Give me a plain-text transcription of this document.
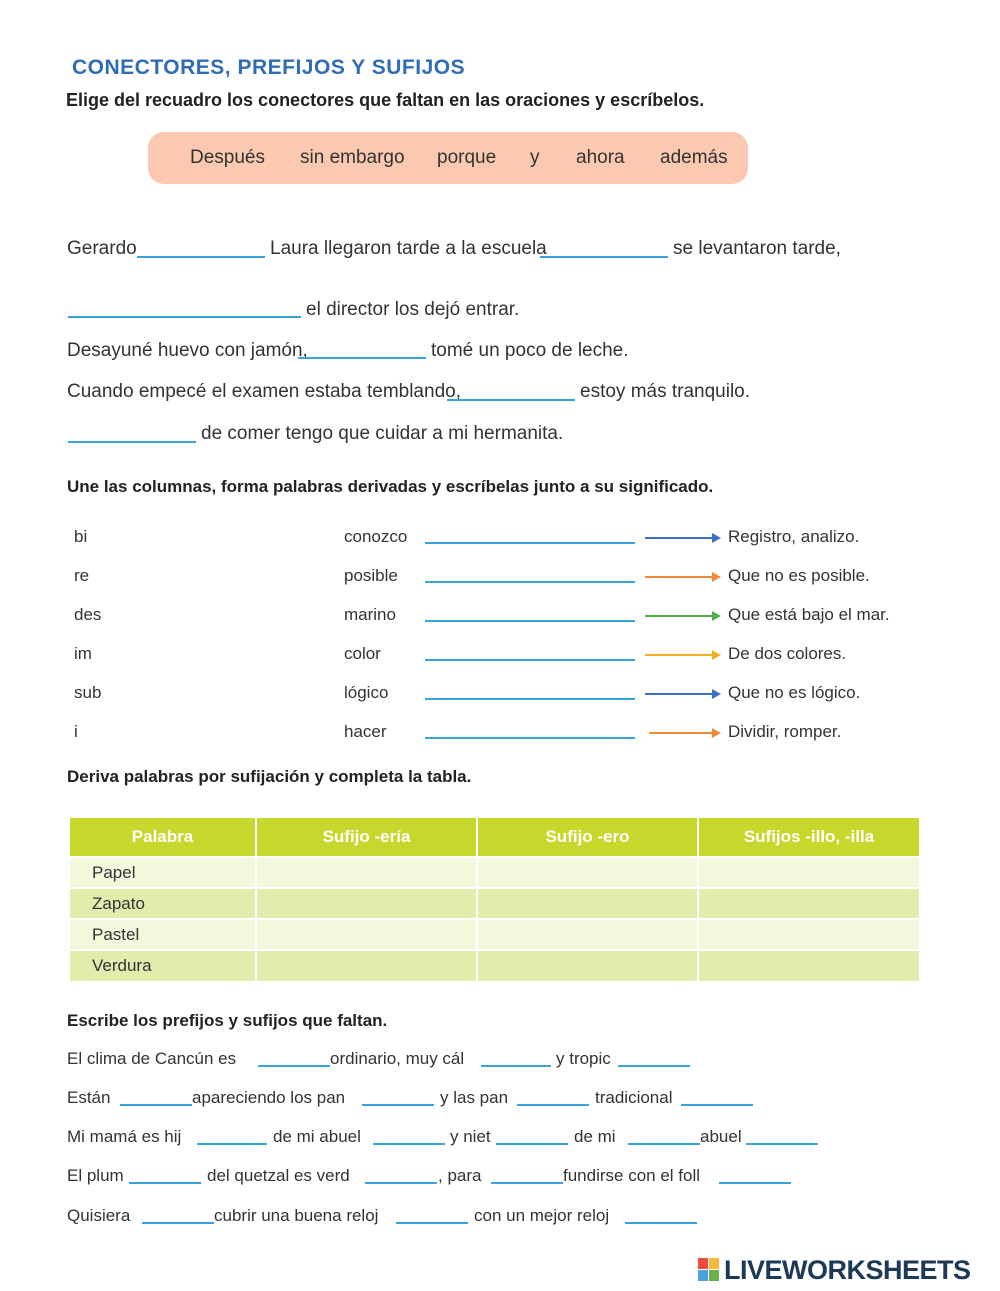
CONECTORES, PREFIJOS Y SUFIJOS
Elige del recuadro los conectores que faltan en las oraciones y escríbelos.
Después sin embargo porque y ahora además
Gerardo	Laura llegaron tarde a la escuela	se levantaron tarde,
el director los dejó entrar.
Desayuné huevo con jamón,	tomé un poco de leche.
Cuando empecé el examen estaba temblando,	estoy más tranquilo.
de comer tengo que cuidar a mi hermanita.
Une las columnas, forma palabras derivadas y escríbelas junto a su significado.
bi	conozco	Registro, analizo.
re	posible	Que no es posible.
des	marino	Que está bajo el mar.
im	color	De dos colores.
sub	lógico	Que no es lógico.
i	hacer	Dividir, romper.
Deriva palabras por sufijación y completa la tabla.
Palabra	Sufijo -ería	Sufijo -ero	Sufijos -illo, -illa
Papel			
Zapato			
Pastel			
Verdura			
Escribe los prefijos y sufijos que faltan.
El clima de Cancún es	ordinario, muy cál	y tropic
Están	apareciendo los pan	y las pan	tradicional
Mi mamá es hij	de mi abuel	y niet	de mi	abuel
El plum	del quetzal es verd	, para	fundirse con el foll
Quisiera	cubrir una buena reloj	con un mejor reloj
LIVEWORKSHEETS
